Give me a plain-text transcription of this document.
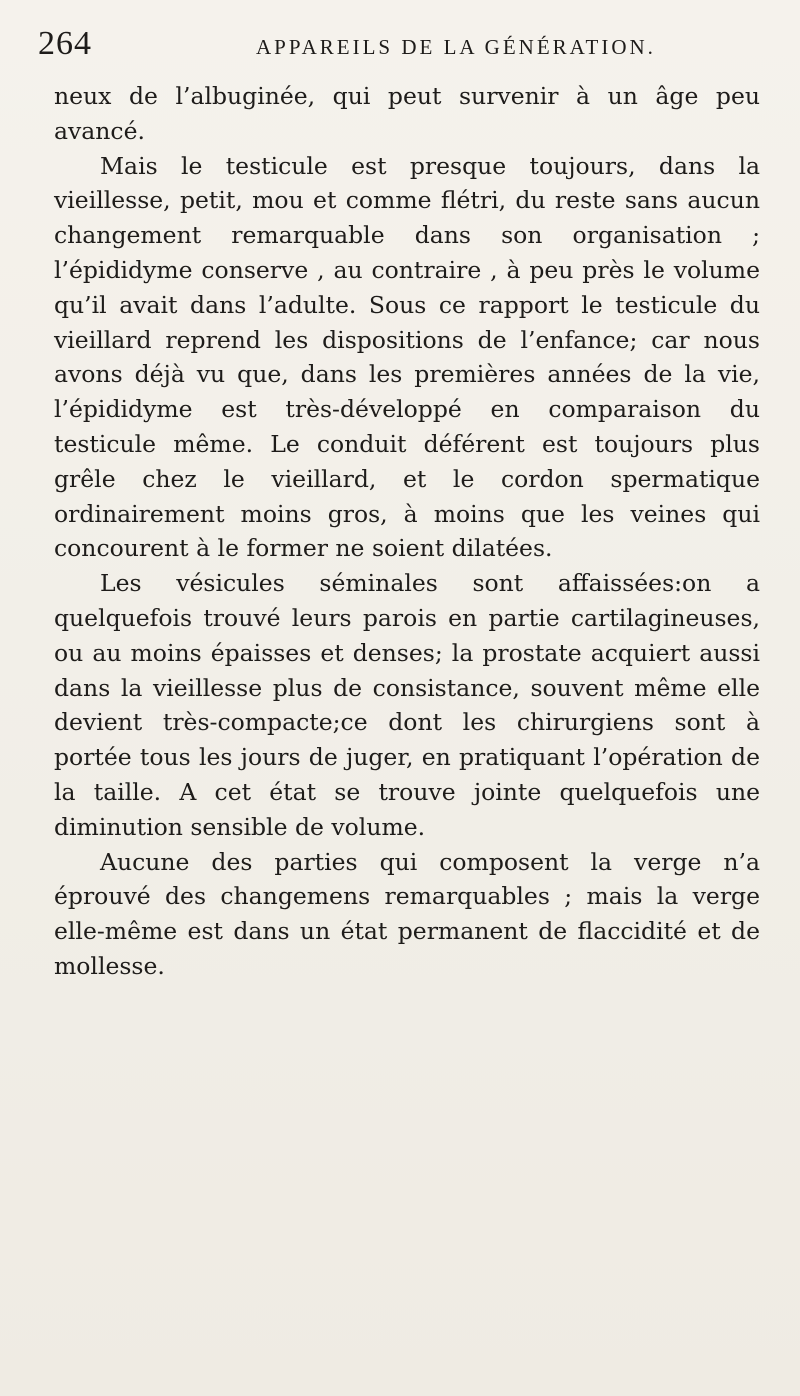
264	APPAREILS DE LA GÉNÉRATION.

neux de l’albuginée, qui peut survenir à un âge peu avancé.

Mais le testicule est presque toujours, dans la vieillesse, petit, mou et comme flétri, du reste sans aucun changement remarquable dans son organisation ; l’épididyme conserve , au contraire , à peu près le volume qu’il avait dans l’adulte. Sous ce rapport le testicule du vieillard reprend les dispositions de l’enfance; car nous avons déjà vu que, dans les premières années de la vie, l’épididyme est très-développé en comparaison du testicule même. Le conduit déférent est toujours plus grêle chez le vieillard, et le cordon spermatique ordinairement moins gros, à moins que les veines qui concourent à le former ne soient dilatées.

Les vésicules séminales sont affaissées:on a quelquefois trouvé leurs parois en partie cartilagineuses, ou au moins épaisses et denses; la prostate acquiert aussi dans la vieillesse plus de consistance, souvent même elle devient très-compacte;ce dont les chirurgiens sont à portée tous les jours de juger, en pratiquant l’opération de la taille. A cet état se trouve jointe quelquefois une diminution sensible de volume.

Aucune des parties qui composent la verge n’a éprouvé des changemens remarquables ; mais la verge elle-même est dans un état permanent de flaccidité et de mollesse.
